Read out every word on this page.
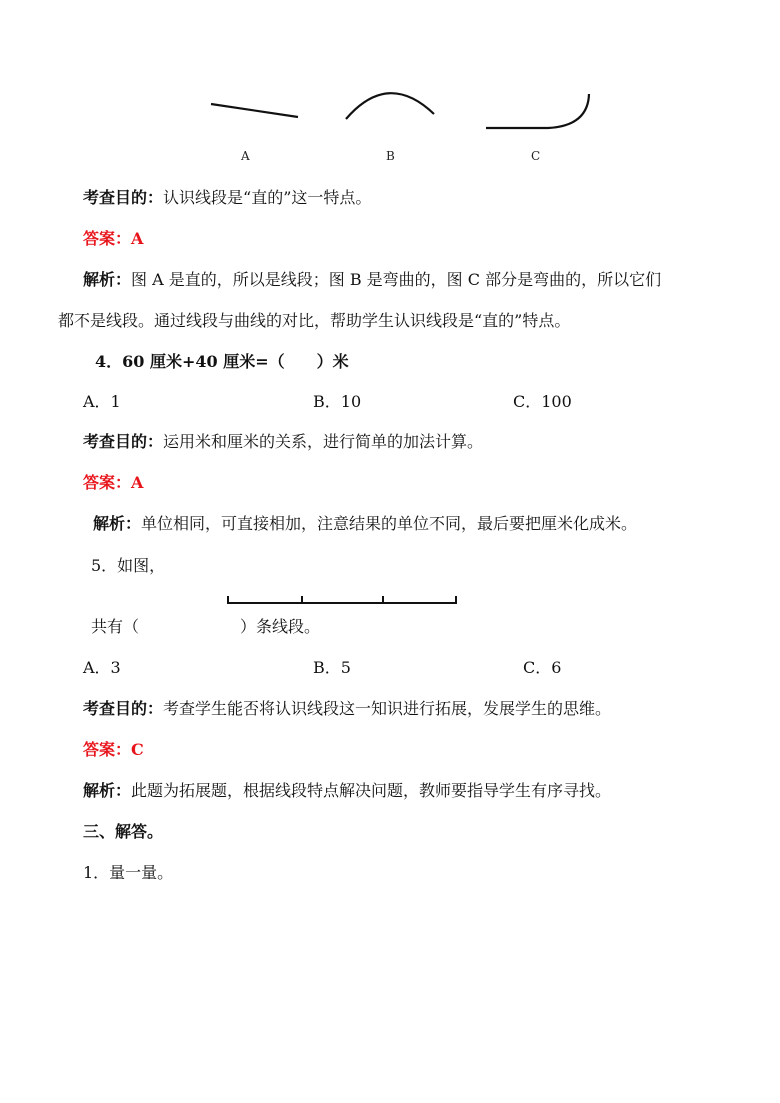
A	B	C
考查目的：认识线段是“直的”这一特点。
答案：A
解析：图 A 是直的，所以是线段；图 B 是弯曲的，图 C 部分是弯曲的，所以它们
都不是线段。通过线段与曲线的对比，帮助学生认识线段是“直的”特点。
4．60 厘米+40 厘米=（　　）米
A．1	B．10	C．100
考查目的：运用米和厘米的关系，进行简单的加法计算。
答案：A
解析：单位相同，可直接相加，注意结果的单位不同，最后要把厘米化成米。
5．如图，
共有（	）条线段。
A．3	B．5	C．6
考查目的：考查学生能否将认识线段这一知识进行拓展，发展学生的思维。
答案：C
解析：此题为拓展题，根据线段特点解决问题，教师要指导学生有序寻找。
三、解答。
1．量一量。
